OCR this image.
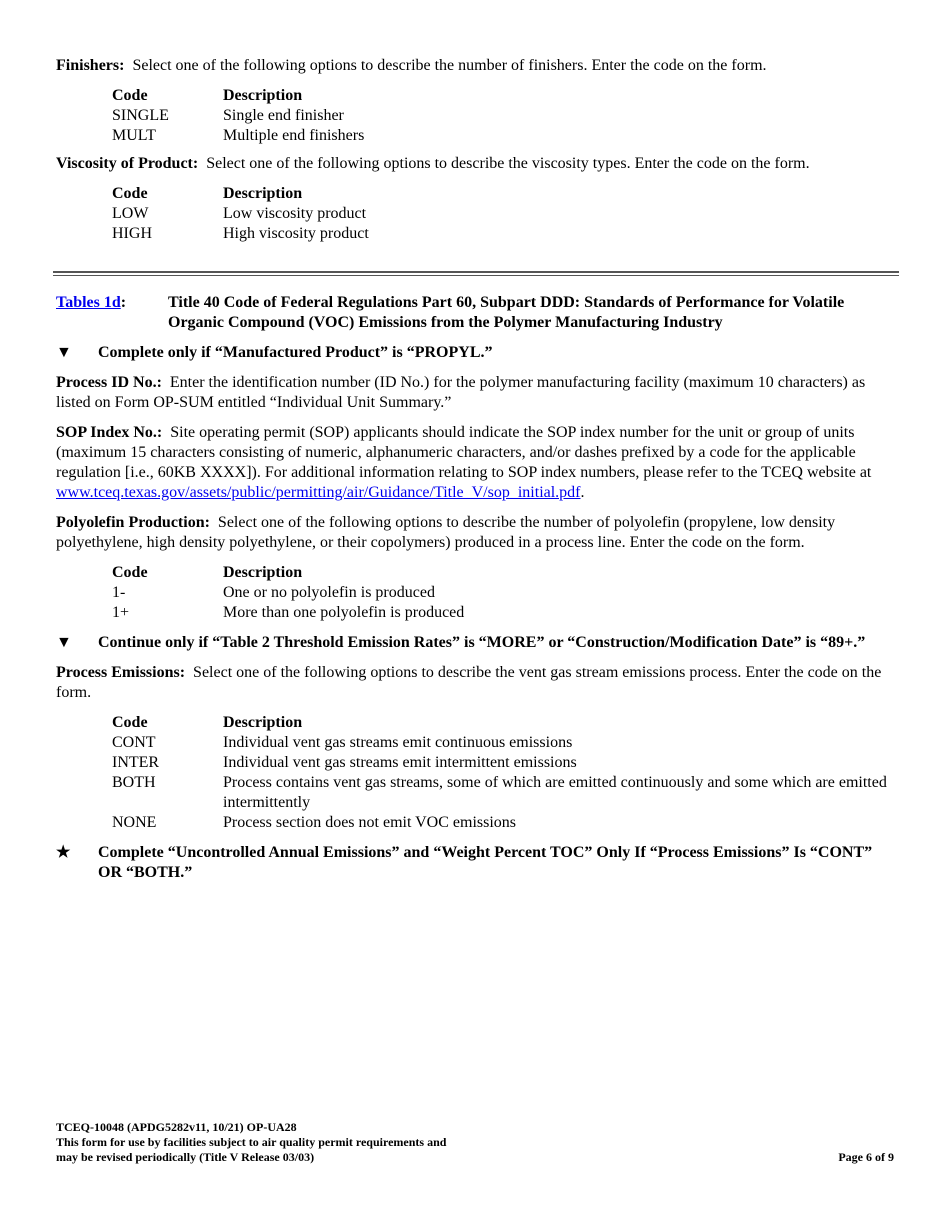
Finishers: Select one of the following options to describe the number of finishers. Enter the code on the form.

Code	Description
SINGLE	Single end finisher
MULT	Multiple end finishers

Viscosity of Product: Select one of the following options to describe the viscosity types. Enter the code on the form.

Code	Description
LOW	Low viscosity product
HIGH	High viscosity product
Tables 1d:	Title 40 Code of Federal Regulations Part 60, Subpart DDD: Standards of Performance for Volatile Organic Compound (VOC) Emissions from the Polymer Manufacturing Industry
▼	Complete only if “Manufactured Product” is “PROPYL.”

Process ID No.: Enter the identification number (ID No.) for the polymer manufacturing facility (maximum 10 characters) as listed on Form OP-SUM entitled “Individual Unit Summary.”

SOP Index No.: Site operating permit (SOP) applicants should indicate the SOP index number for the unit or group of units (maximum 15 characters consisting of numeric, alphanumeric characters, and/or dashes prefixed by a code for the applicable regulation [i.e., 60KB XXXX]). For additional information relating to SOP index numbers, please refer to the TCEQ website at www.tceq.texas.gov/assets/public/permitting/air/Guidance/Title_V/sop_initial.pdf.

Polyolefin Production: Select one of the following options to describe the number of polyolefin (propylene, low density polyethylene, high density polyethylene, or their copolymers) produced in a process line. Enter the code on the form.

Code	Description
1-	One or no polyolefin is produced
1+	More than one polyolefin is produced
▼	Continue only if “Table 2 Threshold Emission Rates” is “MORE” or “Construction/Modification Date” is “89+.”

Process Emissions: Select one of the following options to describe the vent gas stream emissions process. Enter the code on the form.

Code	Description
CONT	Individual vent gas streams emit continuous emissions
INTER	Individual vent gas streams emit intermittent emissions
BOTH	Process contains vent gas streams, some of which are emitted continuously and some which are emitted intermittently
NONE	Process section does not emit VOC emissions
★	Complete “Uncontrolled Annual Emissions” and “Weight Percent TOC” Only If “Process Emissions” Is “CONT” OR “BOTH.”
TCEQ-10048 (APDG5282v11, 10/21) OP-UA28
This form for use by facilities subject to air quality permit requirements and
may be revised periodically (Title V Release 03/03)	Page 6 of 9
